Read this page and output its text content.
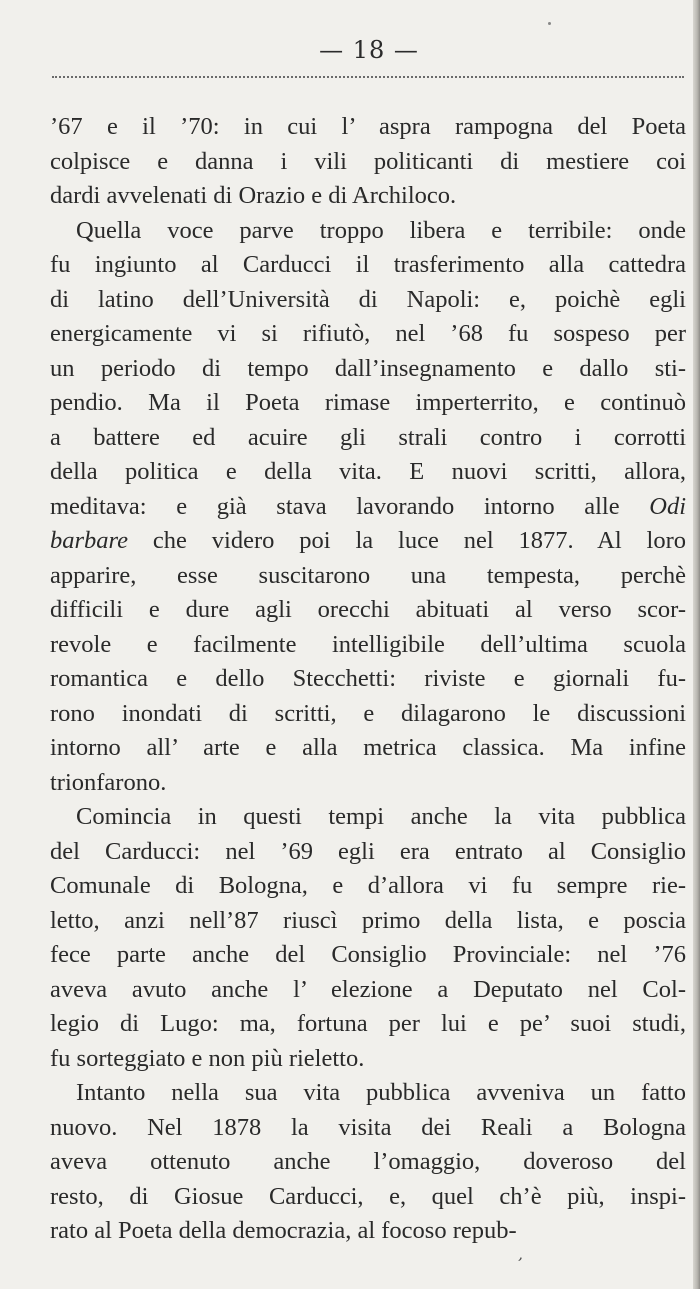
— 18 —
’67 e il ’70: in cui l’ aspra rampogna del Poeta
colpisce e danna i vili politicanti di mestiere coi
dardi avvelenati di Orazio e di Archiloco.
Quella voce parve troppo libera e terribile: onde
fu ingiunto al Carducci il trasferimento alla cattedra
di latino dell’Università di Napoli: e, poichè egli
energicamente vi si rifiutò, nel ’68 fu sospeso per
un periodo di tempo dall’insegnamento e dallo sti-
pendio. Ma il Poeta rimase imperterrito, e continuò
a battere ed acuire gli strali contro i corrotti
della politica e della vita. E nuovi scritti, allora,
meditava: e già stava lavorando intorno alle Odi
barbare che videro poi la luce nel 1877. Al loro
apparire, esse suscitarono una tempesta, perchè
difficili e dure agli orecchi abituati al verso scor-
revole e facilmente intelligibile dell’ultima scuola
romantica e dello Stecchetti: riviste e giornali fu-
rono inondati di scritti, e dilagarono le discussioni
intorno all’ arte e alla metrica classica. Ma infine
trionfarono.
Comincia in questi tempi anche la vita pubblica
del Carducci: nel ’69 egli era entrato al Consiglio
Comunale di Bologna, e d’allora vi fu sempre rie-
letto, anzi nell’87 riuscì primo della lista, e poscia
fece parte anche del Consiglio Provinciale: nel ’76
aveva avuto anche l’ elezione a Deputato nel Col-
legio di Lugo: ma, fortuna per lui e pe’ suoi studi,
fu sorteggiato e non più rieletto.
Intanto nella sua vita pubblica avveniva un fatto
nuovo. Nel 1878 la visita dei Reali a Bologna
aveva ottenuto anche l’omaggio, doveroso del
resto, di Giosue Carducci, e, quel ch’è più, inspi-
rato al Poeta della democrazia, al focoso repub-
ʼ
